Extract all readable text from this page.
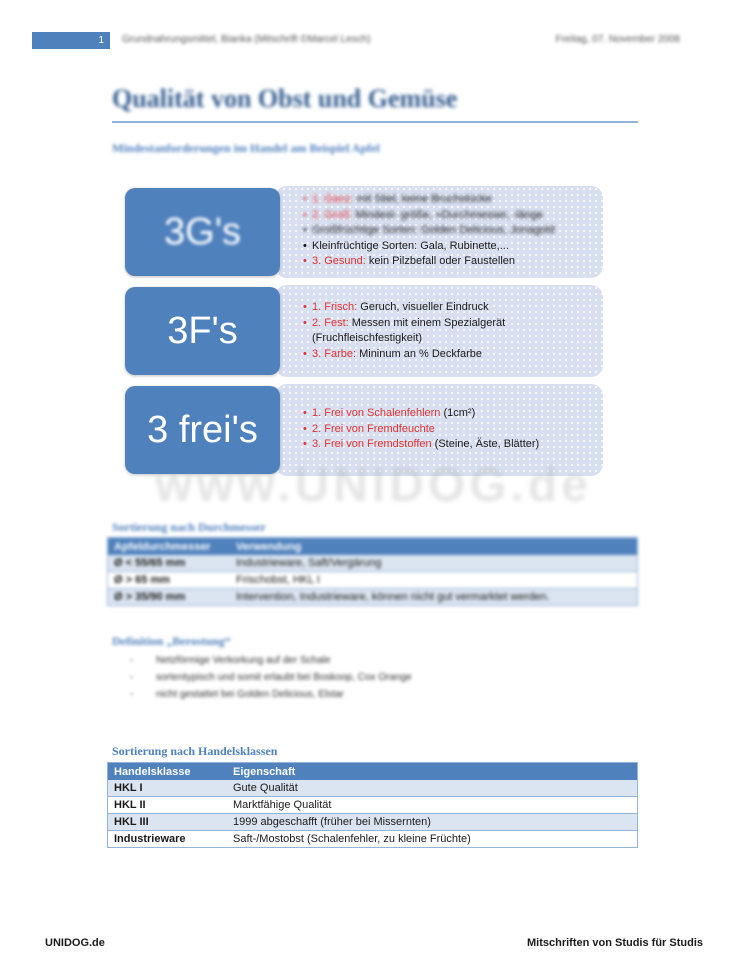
1	Grundnahrungsmittel, Bianka (Mitschrift ©Marcel Lesch)	Freitag, 07. November 2008
Qualität von Obst und Gemüse
Mindestanforderungen im Handel am Beispiel Apfel
3G's
• 1. Ganz: mit Stiel, keine Bruchstücke
• 2. Groß: Mindest- größe, »Durchmesser, -länge
• Großfrüchtige Sorten: Golden Delicious, Jonagold
• Kleinfrüchtige Sorten: Gala, Rubinette,...
• 3. Gesund: kein Pilzbefall oder Faustellen
3F's
• 1. Frisch: Geruch, visueller Eindruck
• 2. Fest: Messen mit einem Spezialgerät (Fruchfleischfestigkeit)
• 3. Farbe: Mininum an % Deckfarbe
3 frei's	• 1. Frei von Schalenfehlern (1cm²)
• 2. Frei von Fremdfeuchte
• 3. Frei von Fremdstoffen (Steine, Äste, Blätter)
www.UNIDOG.de
Sortierung nach Durchmesser
Apfeldurchmesser	Verwendung
Ø < 55/65 mm	Industrieware, Saft/Vergärung
Ø > 65 mm	Frischobst, HKL I
Ø > 35/90 mm	Intervention, Industrieware, können nicht gut vermarktet werden.
Definition „Berostung“
- Netzförmige Verkorkung auf der Schale
- sortentypisch und somit erlaubt bei Boskoop, Cox Orange
- nicht gestattet bei Golden Delicious, Elstar
Sortierung nach Handelsklassen
Handelsklasse	Eigenschaft
HKL I	Gute Qualität
HKL II	Marktfähige Qualität
HKL III	1999 abgeschafft (früher bei Missernten)
Industrieware	Saft-/Mostobst (Schalenfehler, zu kleine Früchte)
UNIDOG.de	Mitschriften von Studis für Studis
